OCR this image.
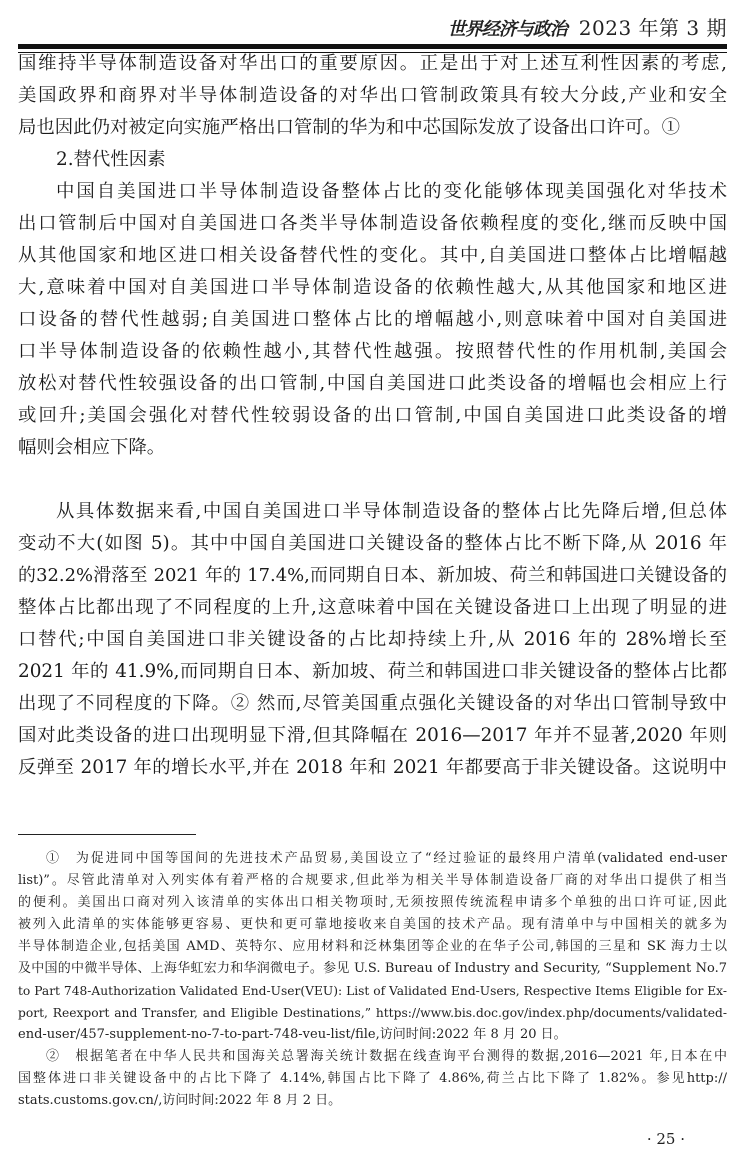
世界经济与政治 2023 年第 3 期
国维持半导体制造设备对华出口的重要原因。正是出于对上述互利性因素的考虑,
美国政界和商界对半导体制造设备的对华出口管制政策具有较大分歧,产业和安全
局也因此仍对被定向实施严格出口管制的华为和中芯国际发放了设备出口许可。①
2.替代性因素
中国自美国进口半导体制造设备整体占比的变化能够体现美国强化对华技术
出口管制后中国对自美国进口各类半导体制造设备依赖程度的变化,继而反映中国
从其他国家和地区进口相关设备替代性的变化。其中,自美国进口整体占比增幅越
大,意味着中国对自美国进口半导体制造设备的依赖性越大,从其他国家和地区进
口设备的替代性越弱;自美国进口整体占比的增幅越小,则意味着中国对自美国进
口半导体制造设备的依赖性越小,其替代性越强。按照替代性的作用机制,美国会
放松对替代性较强设备的出口管制,中国自美国进口此类设备的增幅也会相应上行
或回升;美国会强化对替代性较弱设备的出口管制,中国自美国进口此类设备的增
幅则会相应下降。
从具体数据来看,中国自美国进口半导体制造设备的整体占比先降后增,但总体
变动不大(如图 5)。其中中国自美国进口关键设备的整体占比不断下降,从 2016 年
的32.2%滑落至 2021 年的 17.4%,而同期自日本、新加坡、荷兰和韩国进口关键设备的
整体占比都出现了不同程度的上升,这意味着中国在关键设备进口上出现了明显的进
口替代;中国自美国进口非关键设备的占比却持续上升,从 2016 年的 28%增长至
2021 年的 41.9%,而同期自日本、新加坡、荷兰和韩国进口非关键设备的整体占比都
出现了不同程度的下降。② 然而,尽管美国重点强化关键设备的对华出口管制导致中
国对此类设备的进口出现明显下滑,但其降幅在 2016—2017 年并不显著,2020 年则
反弹至 2017 年的增长水平,并在 2018 年和 2021 年都要高于非关键设备。这说明中
①　为促进同中国等国间的先进技术产品贸易,美国设立了“经过验证的最终用户清单(validated end-user
list)”。尽管此清单对入列实体有着严格的合规要求,但此举为相关半导体制造设备厂商的对华出口提供了相当
的便利。美国出口商对列入该清单的实体出口相关物项时,无须按照传统流程申请多个单独的出口许可证,因此
被列入此清单的实体能够更容易、更快和更可靠地接收来自美国的技术产品。现有清单中与中国相关的就多为
半导体制造企业,包括美国 AMD、英特尔、应用材料和泛林集团等企业的在华子公司,韩国的三星和 SK 海力士以
及中国的中微半导体、上海华虹宏力和华润微电子。参见 U.S. Bureau of Industry and Security, “Supplement No.7
to Part 748-Authorization Validated End-User(VEU): List of Validated End-Users, Respective Items Eligible for Ex-
port, Reexport and Transfer, and Eligible Destinations,” https://www.bis.doc.gov/index.php/documents/validated-
end-user/457-supplement-no-7-to-part-748-veu-list/file,访问时间:2022 年 8 月 20 日。
②　根据笔者在中华人民共和国海关总署海关统计数据在线查询平台测得的数据,2016—2021 年,日本在中
国整体进口非关键设备中的占比下降了 4.14%,韩国占比下降了 4.86%,荷兰占比下降了 1.82%。参见http://
stats.customs.gov.cn/,访问时间:2022 年 8 月 2 日。
· 25 ·
